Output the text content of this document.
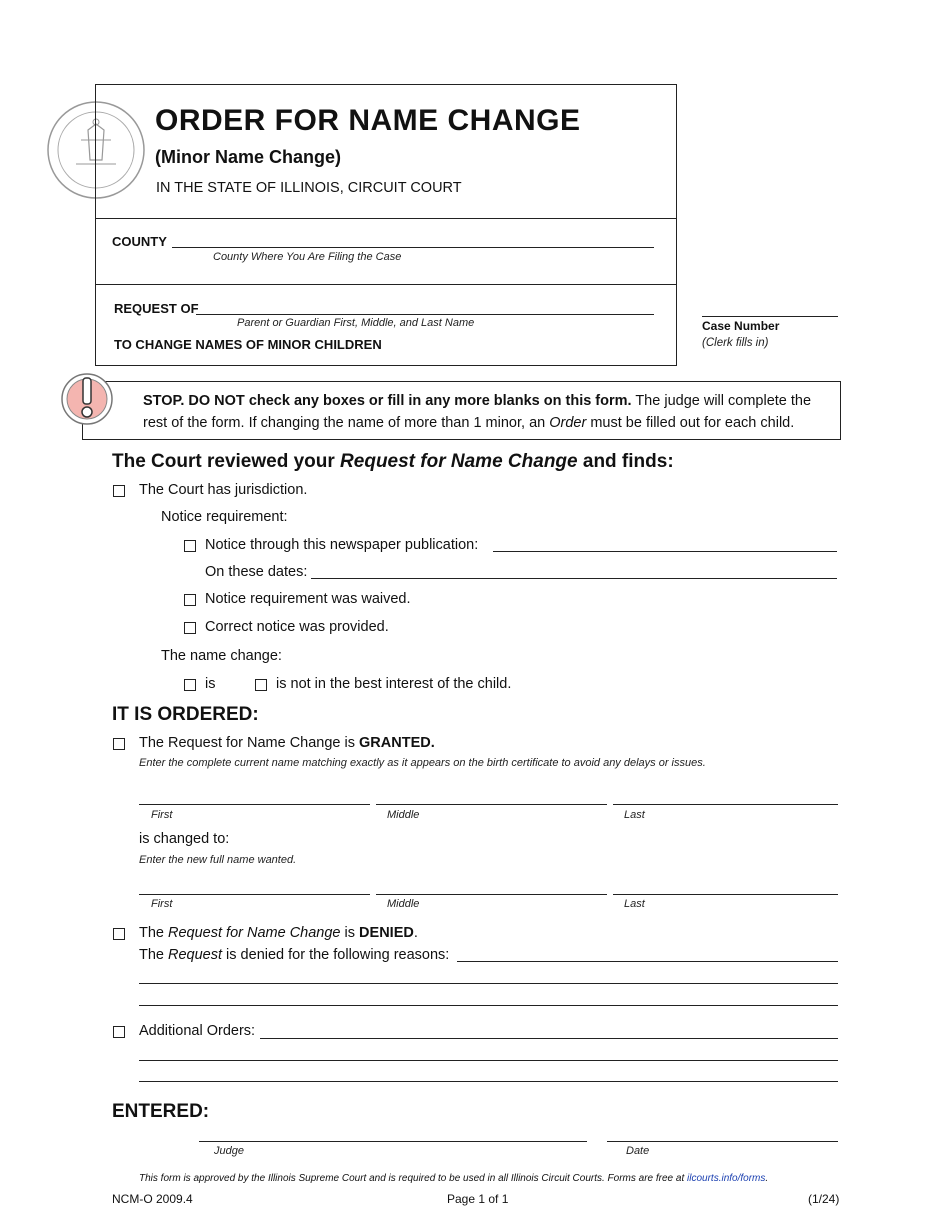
ORDER FOR NAME CHANGE
(Minor Name Change)
IN THE STATE OF ILLINOIS, CIRCUIT COURT
COUNTY
County Where You Are Filing the Case
REQUEST OF
Parent or Guardian First, Middle, and Last Name
TO CHANGE NAMES OF MINOR CHILDREN
Case Number
(Clerk fills in)
STOP. DO NOT check any boxes or fill in any more blanks on this form. The judge will complete the rest of the form. If changing the name of more than 1 minor, an Order must be filled out for each child.
The Court reviewed your Request for Name Change and finds:
The Court has jurisdiction.
Notice requirement:
Notice through this newspaper publication:
On these dates:
Notice requirement was waived.
Correct notice was provided.
The name change:
is	is not in the best interest of the child.
IT IS ORDERED:
The Request for Name Change is GRANTED.
Enter the complete current name matching exactly as it appears on the birth certificate to avoid any delays or issues.
First	Middle	Last
is changed to:
Enter the new full name wanted.
First	Middle	Last
The Request for Name Change is DENIED.
The Request is denied for the following reasons:
Additional Orders:
ENTERED:
Judge	Date
This form is approved by the Illinois Supreme Court and is required to be used in all Illinois Circuit Courts. Forms are free at ilcourts.info/forms.
NCM-O 2009.4	Page 1 of 1	(1/24)
